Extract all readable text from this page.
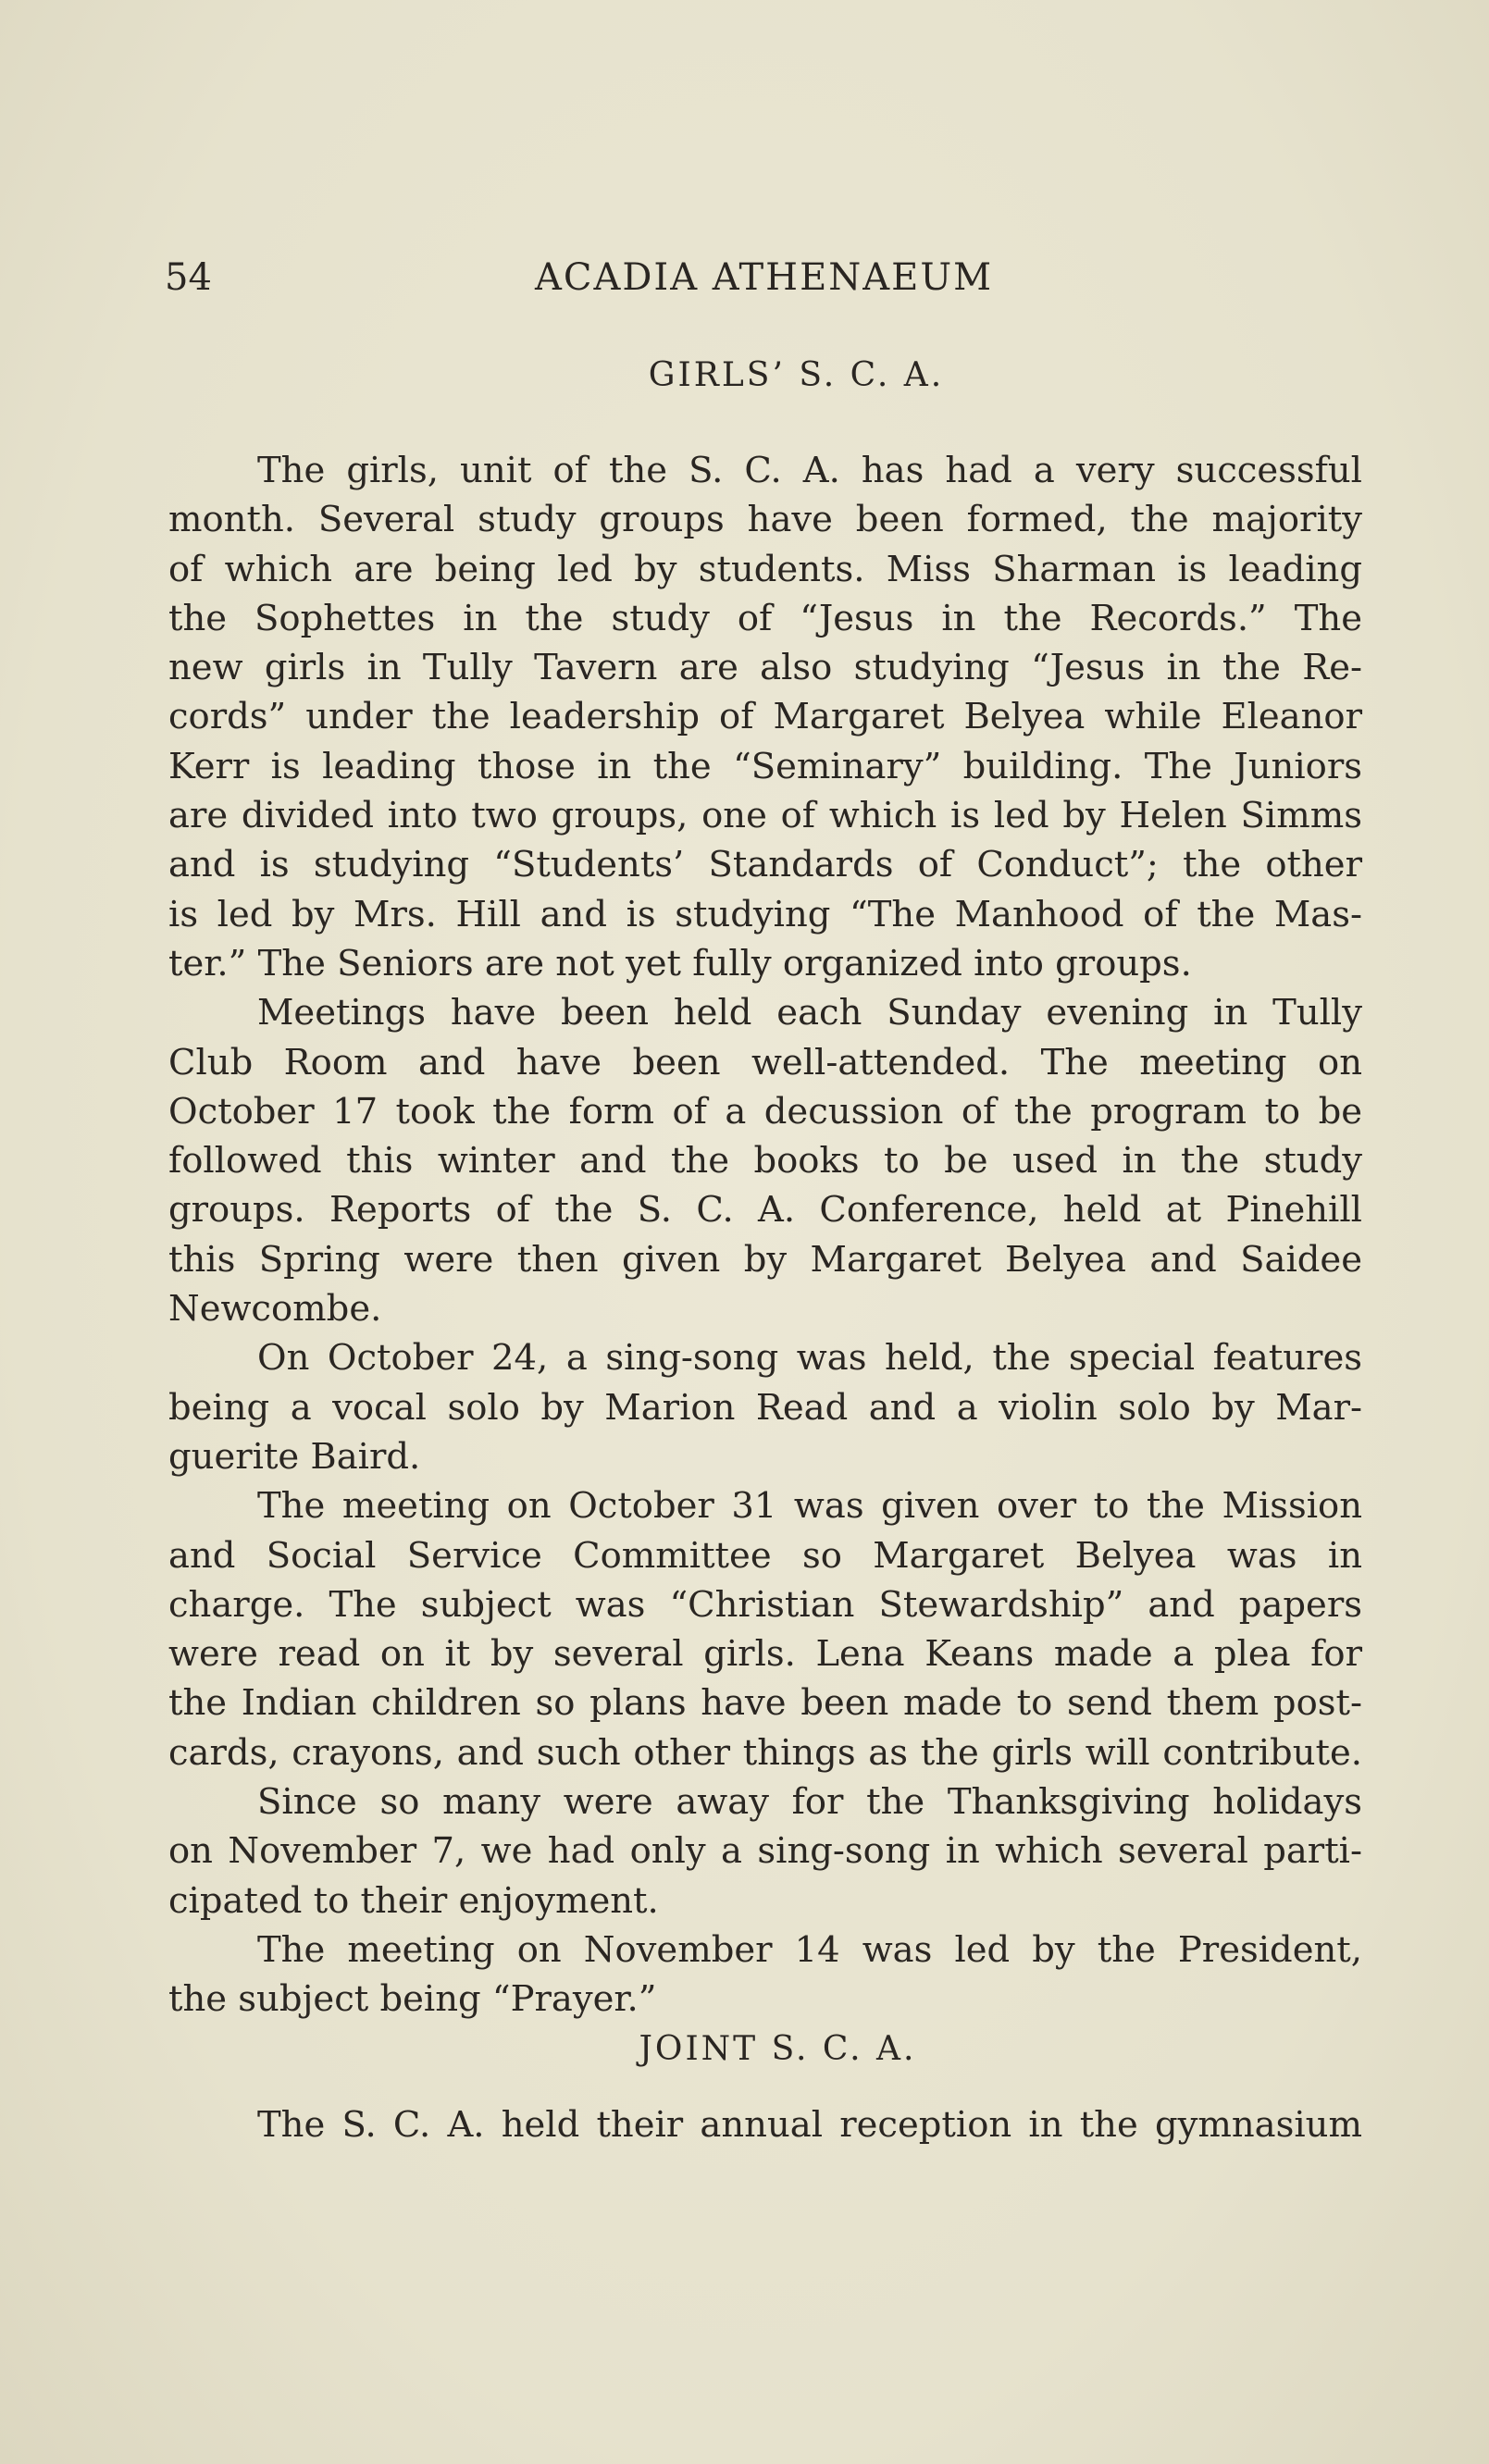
54	ACADIA ATHENAEUM
GIRLS’ S. C. A.
The girls, unit of the S. C. A. has had a very successful
month. Several study groups have been formed, the majority
of which are being led by students. Miss Sharman is leading
the Sophettes in the study of “Jesus in the Records.” The
new girls in Tully Tavern are also studying “Jesus in the Re-
cords” under the leadership of Margaret Belyea while Eleanor
Kerr is leading those in the “Seminary” building. The Juniors
are divided into two groups, one of which is led by Helen Simms
and is studying “Students’ Standards of Conduct”; the other
is led by Mrs. Hill and is studying “The Manhood of the Mas-
ter.” The Seniors are not yet fully organized into groups.
Meetings have been held each Sunday evening in Tully
Club Room and have been well-attended. The meeting on
October 17 took the form of a decussion of the program to be
followed this winter and the books to be used in the study
groups. Reports of the S. C. A. Conference, held at Pinehill
this Spring were then given by Margaret Belyea and Saidee
Newcombe.
On October 24, a sing-song was held, the special features
being a vocal solo by Marion Read and a violin solo by Mar-
guerite Baird.
The meeting on October 31 was given over to the Mission
and Social Service Committee so Margaret Belyea was in
charge. The subject was “Christian Stewardship” and papers
were read on it by several girls. Lena Keans made a plea for
the Indian children so plans have been made to send them post-
cards, crayons, and such other things as the girls will contribute.
Since so many were away for the Thanksgiving holidays
on November 7, we had only a sing-song in which several parti-
cipated to their enjoyment.
The meeting on November 14 was led by the President,
the subject being “Prayer.”
JOINT S. C. A.
The S. C. A. held their annual reception in the gymnasium
